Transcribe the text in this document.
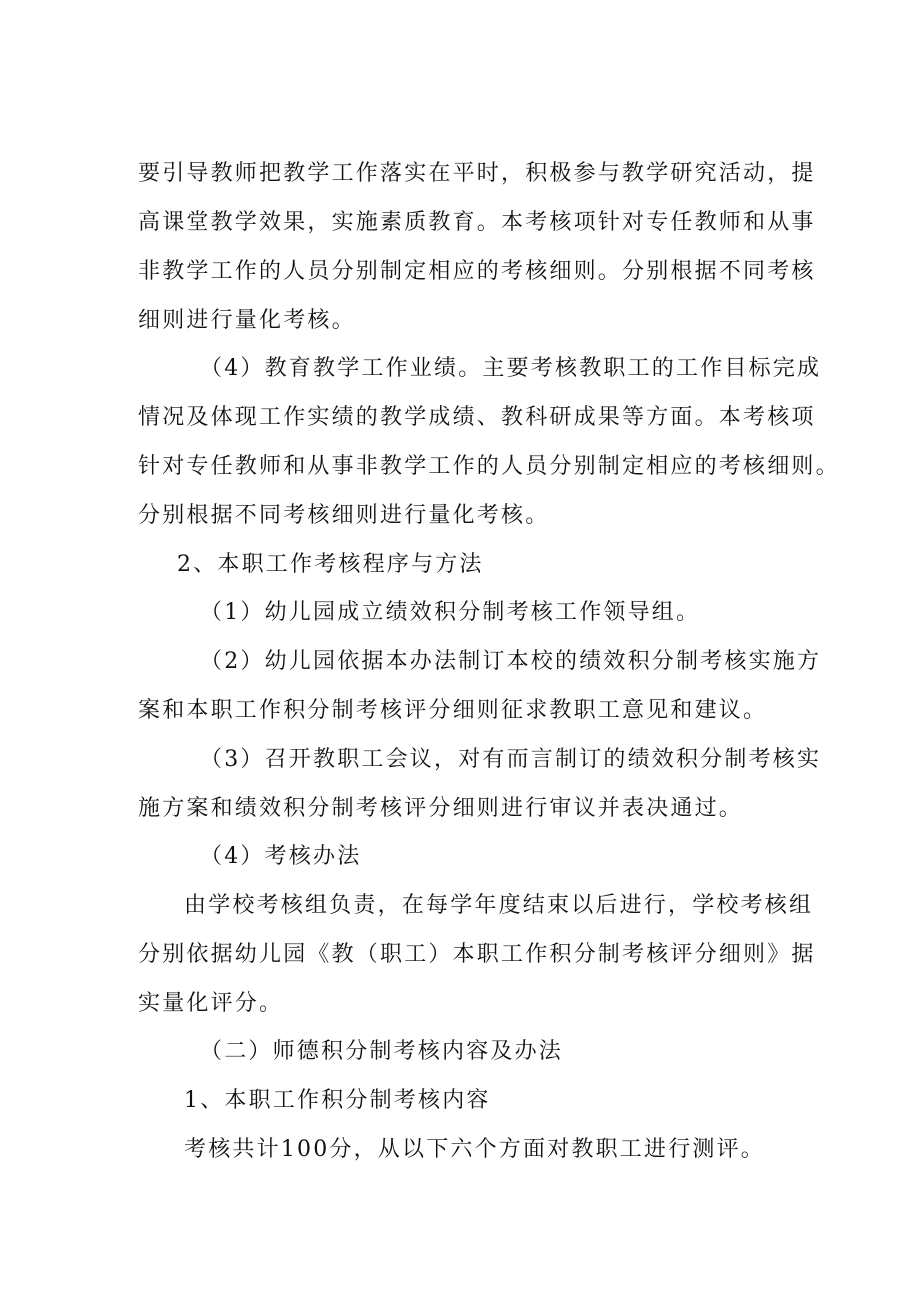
要引导教师把教学工作落实在平时，积极参与教学研究活动，提
高课堂教学效果，实施素质教育。本考核项针对专任教师和从事
非教学工作的人员分别制定相应的考核细则。分别根据不同考核
细则进行量化考核。
（4）教育教学工作业绩。主要考核教职工的工作目标完成
情况及体现工作实绩的教学成绩、教科研成果等方面。本考核项
针对专任教师和从事非教学工作的人员分别制定相应的考核细则。
分别根据不同考核细则进行量化考核。
2、本职工作考核程序与方法
（1）幼儿园成立绩效积分制考核工作领导组。
（2）幼儿园依据本办法制订本校的绩效积分制考核实施方
案和本职工作积分制考核评分细则征求教职工意见和建议。
（3）召开教职工会议，对有而言制订的绩效积分制考核实
施方案和绩效积分制考核评分细则进行审议并表决通过。
（4）考核办法
由学校考核组负责，在每学年度结束以后进行，学校考核组
分别依据幼儿园《教（职工）本职工作积分制考核评分细则》据
实量化评分。
（二）师德积分制考核内容及办法
1、本职工作积分制考核内容
考核共计100分，从以下六个方面对教职工进行测评。
